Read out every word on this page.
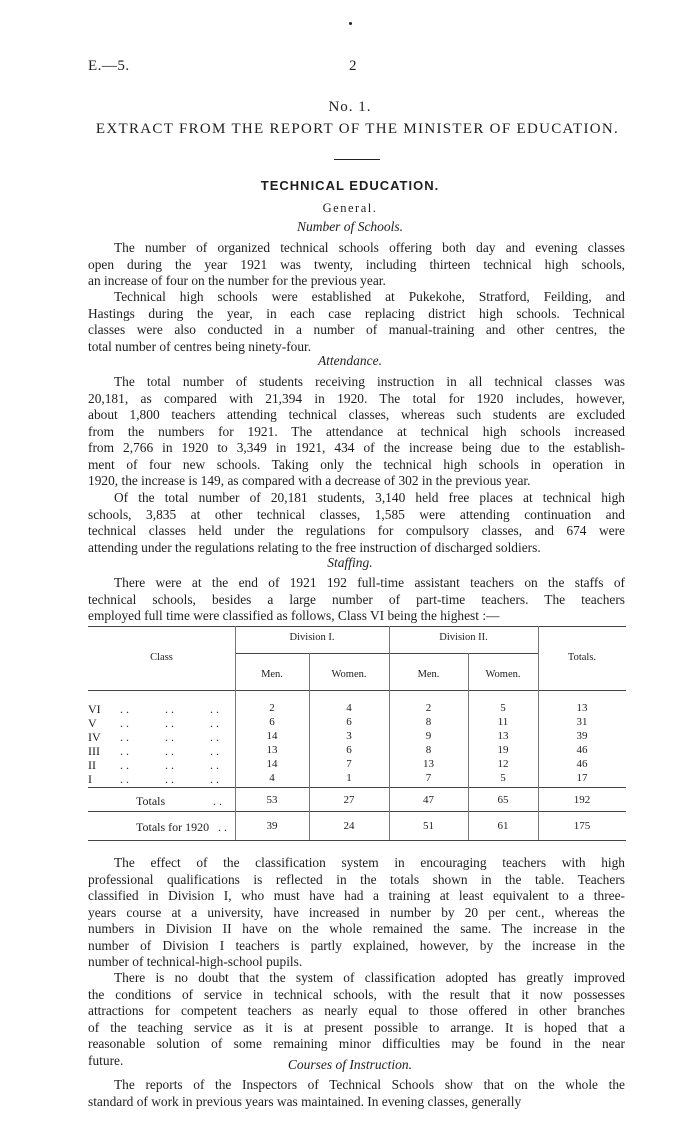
E.—5.	2
No. 1.
EXTRACT FROM THE REPORT OF THE MINISTER OF EDUCATION.
TECHNICAL EDUCATION.
General.
Number of Schools.
The number of organized technical schools offering both day and evening classes
open during the year 1921 was twenty, including thirteen technical high schools,
an increase of four on the number for the previous year.
Technical high schools were established at Pukekohe, Stratford, Feilding, and
Hastings during the year, in each case replacing district high schools. Technical
classes were also conducted in a number of manual-training and other centres, the
total number of centres being ninety-four.
Attendance.
The total number of students receiving instruction in all technical classes was
20,181, as compared with 21,394 in 1920. The total for 1920 includes, however,
about 1,800 teachers attending technical classes, whereas such students are excluded
from the numbers for 1921. The attendance at technical high schools increased
from 2,766 in 1920 to 3,349 in 1921, 434 of the increase being due to the establish-
ment of four new schools. Taking only the technical high schools in operation in
1920, the increase is 149, as compared with a decrease of 302 in the previous year.
Of the total number of 20,181 students, 3,140 held free places at technical high
schools, 3,835 at other technical classes, 1,585 were attending continuation and
technical classes held under the regulations for compulsory classes, and 674 were
attending under the regulations relating to the free instruction of discharged soldiers.
Staffing.
There were at the end of 1921 192 full-time assistant teachers on the staffs of
technical schools, besides a large number of part-time teachers. The teachers
employed full time were classified as follows, Class VI being the highest :—
Class
Division I.	Division II.
Totals.
Men.	Women.	Men.	Women.
VI . .	. .	. .	2	4	2	5	13
V . .	. .	. .	6	6	8	11	31
IV . .	. .	. .	14	3	9	13	39
III . .	. .	. .	13	6	8	19	46
II . .	. .	. .	14	7	13	12	46
I . .	. .	. .	4	1	7	5	17
Totals	. .	53	27	47	65	192
Totals for 1920 . .	39	24	51	61	175
The effect of the classification system in encouraging teachers with high
professional qualifications is reflected in the totals shown in the table. Teachers
classified in Division I, who must have had a training at least equivalent to a three-
years course at a university, have increased in number by 20 per cent., whereas the
numbers in Division II have on the whole remained the same. The increase in the
number of Division I teachers is partly explained, however, by the increase in the
number of technical-high-school pupils.
There is no doubt that the system of classification adopted has greatly improved
the conditions of service in technical schools, with the result that it now possesses
attractions for competent teachers as nearly equal to those offered in other branches
of the teaching service as it is at present possible to arrange. It is hoped that a
reasonable solution of some remaining minor difficulties may be found in the near
future.	Courses of Instruction.
The reports of the Inspectors of Technical Schools show that on the whole the
standard of work in previous years was maintained. In evening classes, generally
